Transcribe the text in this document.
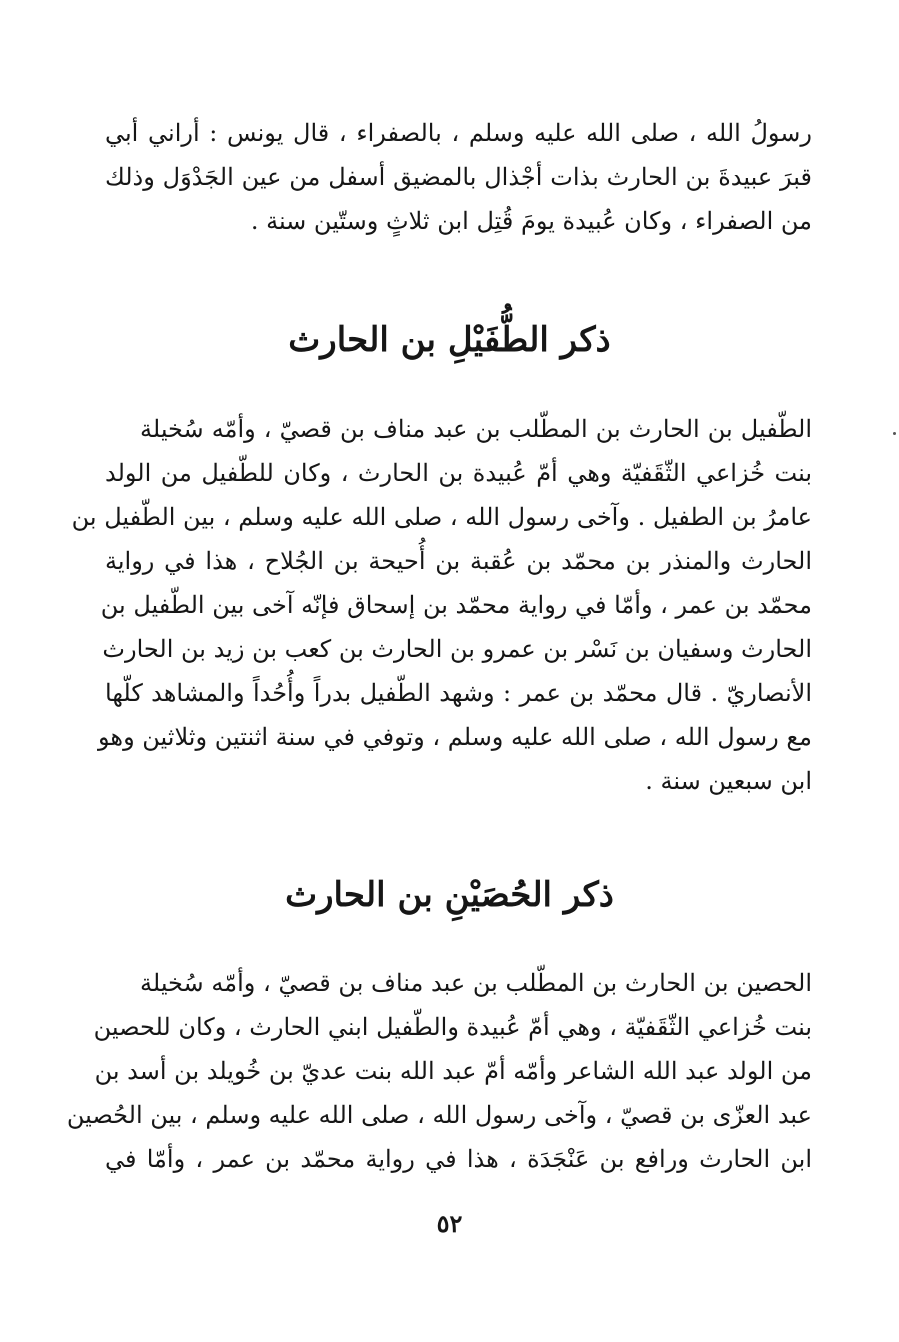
رسولُ الله ، صلى الله عليه وسلم ، بالصفراء ، قال يونس : أراني أبي
قبرَ عبيدةَ بن الحارث بذات أجْذال بالمضيق أسفل من عين الجَدْوَل وذلك
من الصفراء ، وكان عُبيدة يومَ قُتِل ابن ثلاثٍ وستّين سنة .
ذكر الطُّفَيْلِ بن الحارث
الطّفيل بن الحارث بن المطّلب بن عبد مناف بن قصيّ ، وأمّه سُخيلة
بنت خُزاعي الثّقَفيّة وهي أمّ عُبيدة بن الحارث ، وكان للطّفيل من الولد
عامرُ بن الطفيل . وآخى رسول الله ، صلى الله عليه وسلم ، بين الطّفيل بن
الحارث والمنذر بن محمّد بن عُقبة بن أُحيحة بن الجُلاح ، هذا في رواية
محمّد بن عمر ، وأمّا في رواية محمّد بن إسحاق فإنّه آخى بين الطّفيل بن
الحارث وسفيان بن نَسْر بن عمرو بن الحارث بن كعب بن زيد بن الحارث
الأنصاريّ . قال محمّد بن عمر : وشهد الطّفيل بدراً وأُحُداً والمشاهد كلّها
مع رسول الله ، صلى الله عليه وسلم ، وتوفي في سنة اثنتين وثلاثين وهو
ابن سبعين سنة .
ذكر الحُصَيْنِ بن الحارث
الحصين بن الحارث بن المطّلب بن عبد مناف بن قصيّ ، وأمّه سُخيلة
بنت خُزاعي الثّقَفيّة ، وهي أمّ عُبيدة والطّفيل ابني الحارث ، وكان للحصين
من الولد عبد الله الشاعر وأمّه أمّ عبد الله بنت عديّ بن خُويلد بن أسد بن
عبد العزّى بن قصيّ ، وآخى رسول الله ، صلى الله عليه وسلم ، بين الحُصين
ابن الحارث ورافع بن عَنْجَدَة ، هذا في رواية محمّد بن عمر ، وأمّا في
٥٢
